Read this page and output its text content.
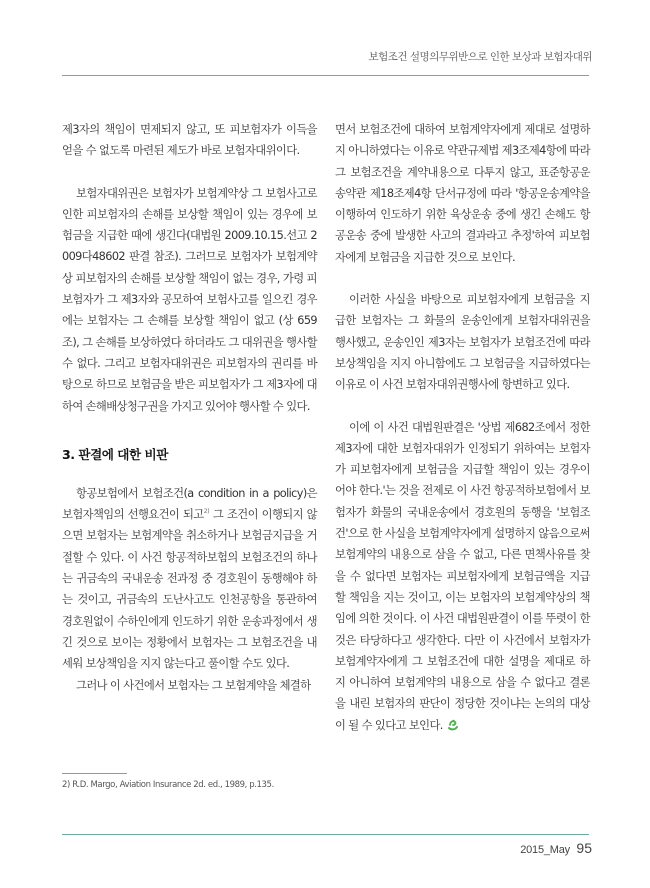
보험조건 설명의무위반으로 인한 보상과 보험자대위

제3자의 책임이 면제되지 않고, 또 피보험자가 이득을 얻을 수 없도록 마련된 제도가 바로 보험자대위이다.

보험자대위권은 보험자가 보험계약상 그 보험사고로 인한 피보험자의 손해를 보상할 책임이 있는 경우에 보험금을 지급한 때에 생긴다(대법원 2009.10.15.선고 2009다48602 판결 참조). 그러므로 보험자가 보험계약상 피보험자의 손해를 보상할 책임이 없는 경우, 가령 피보험자가 그 제3자와 공모하여 보험사고를 일으킨 경우에는 보험자는 그 손해를 보상할 책임이 없고 (상 659조), 그 손해를 보상하였다 하더라도 그 대위권을 행사할 수 없다. 그리고 보험자대위권은 피보험자의 권리를 바탕으로 하므로 보험금을 받은 피보험자가 그 제3자에 대하여 손해배상청구권을 가지고 있어야 행사할 수 있다.

3. 판결에 대한 비판

항공보험에서 보험조건(a condition in a policy)은 보험자책임의 선행요건이 되고$^{2)}$ 그 조건이 이행되지 않으면 보험자는 보험계약을 취소하거나 보험금지급을 거절할 수 있다. 이 사건 항공적하보험의 보험조건의 하나는 귀금속의 국내운송 전과정 중 경호원이 동행해야 하는 것이고, 귀금속의 도난사고도 인천공항을 통관하여 경호원없이 수하인에게 인도하기 위한 운송과정에서 생긴 것으로 보이는 정황에서 보험자는 그 보험조건을 내세워 보상책임을 지지 않는다고 풀이할 수도 있다.

그러나 이 사건에서 보험자는 그 보험계약을 체결하

면서 보험조건에 대하여 보험계약자에게 제대로 설명하지 아니하였다는 이유로 약관규제법 제3조제4항에 따라 그 보험조건을 계약내용으로 다투지 않고, 표준항공운송약관 제18조제4항 단서규정에 따라 '항공운송계약을 이행하여 인도하기 위한 육상운송 중에 생긴 손해도 항공운송 중에 발생한 사고의 결과라고 추정'하여 피보험자에게 보험금을 지급한 것으로 보인다.

이러한 사실을 바탕으로 피보험자에게 보험금을 지급한 보험자는 그 화물의 운송인에게 보험자대위권을 행사했고, 운송인인 제3자는 보험자가 보험조건에 따라 보상책임을 지지 아니함에도 그 보험금을 지급하였다는 이유로 이 사건 보험자대위권행사에 항변하고 있다.

이에 이 사건 대법원판결은 '상법 제682조에서 정한 제3자에 대한 보험자대위가 인정되기 위하여는 보험자가 피보험자에게 보험금을 지급할 책임이 있는 경우이어야 한다.'는 것을 전제로 이 사건 항공적하보험에서 보험자가 화물의 국내운송에서 경호원의 동행을 '보험조건'으로 한 사실을 보험계약자에게 설명하지 않음으로써 보험계약의 내용으로 삼을 수 없고, 다른 면책사유를 찾을 수 없다면 보험자는 피보험자에게 보험금액을 지급할 책임을 지는 것이고, 이는 보험자의 보험계약상의 책임에 의한 것이다. 이 사건 대법원판결이 이를 뚜렷이 한 것은 타당하다고 생각한다. 다만 이 사건에서 보험자가 보험계약자에게 그 보험조건에 대한 설명을 제대로 하지 아니하여 보험계약의 내용으로 삼을 수 없다고 결론을 내린 보험자의 판단이 정당한 것이냐는 논의의 대상이 될 수 있다고 보인다.

2) R.D. Margo, Aviation Insurance 2d. ed., 1989, p.135.
2015_May 95
